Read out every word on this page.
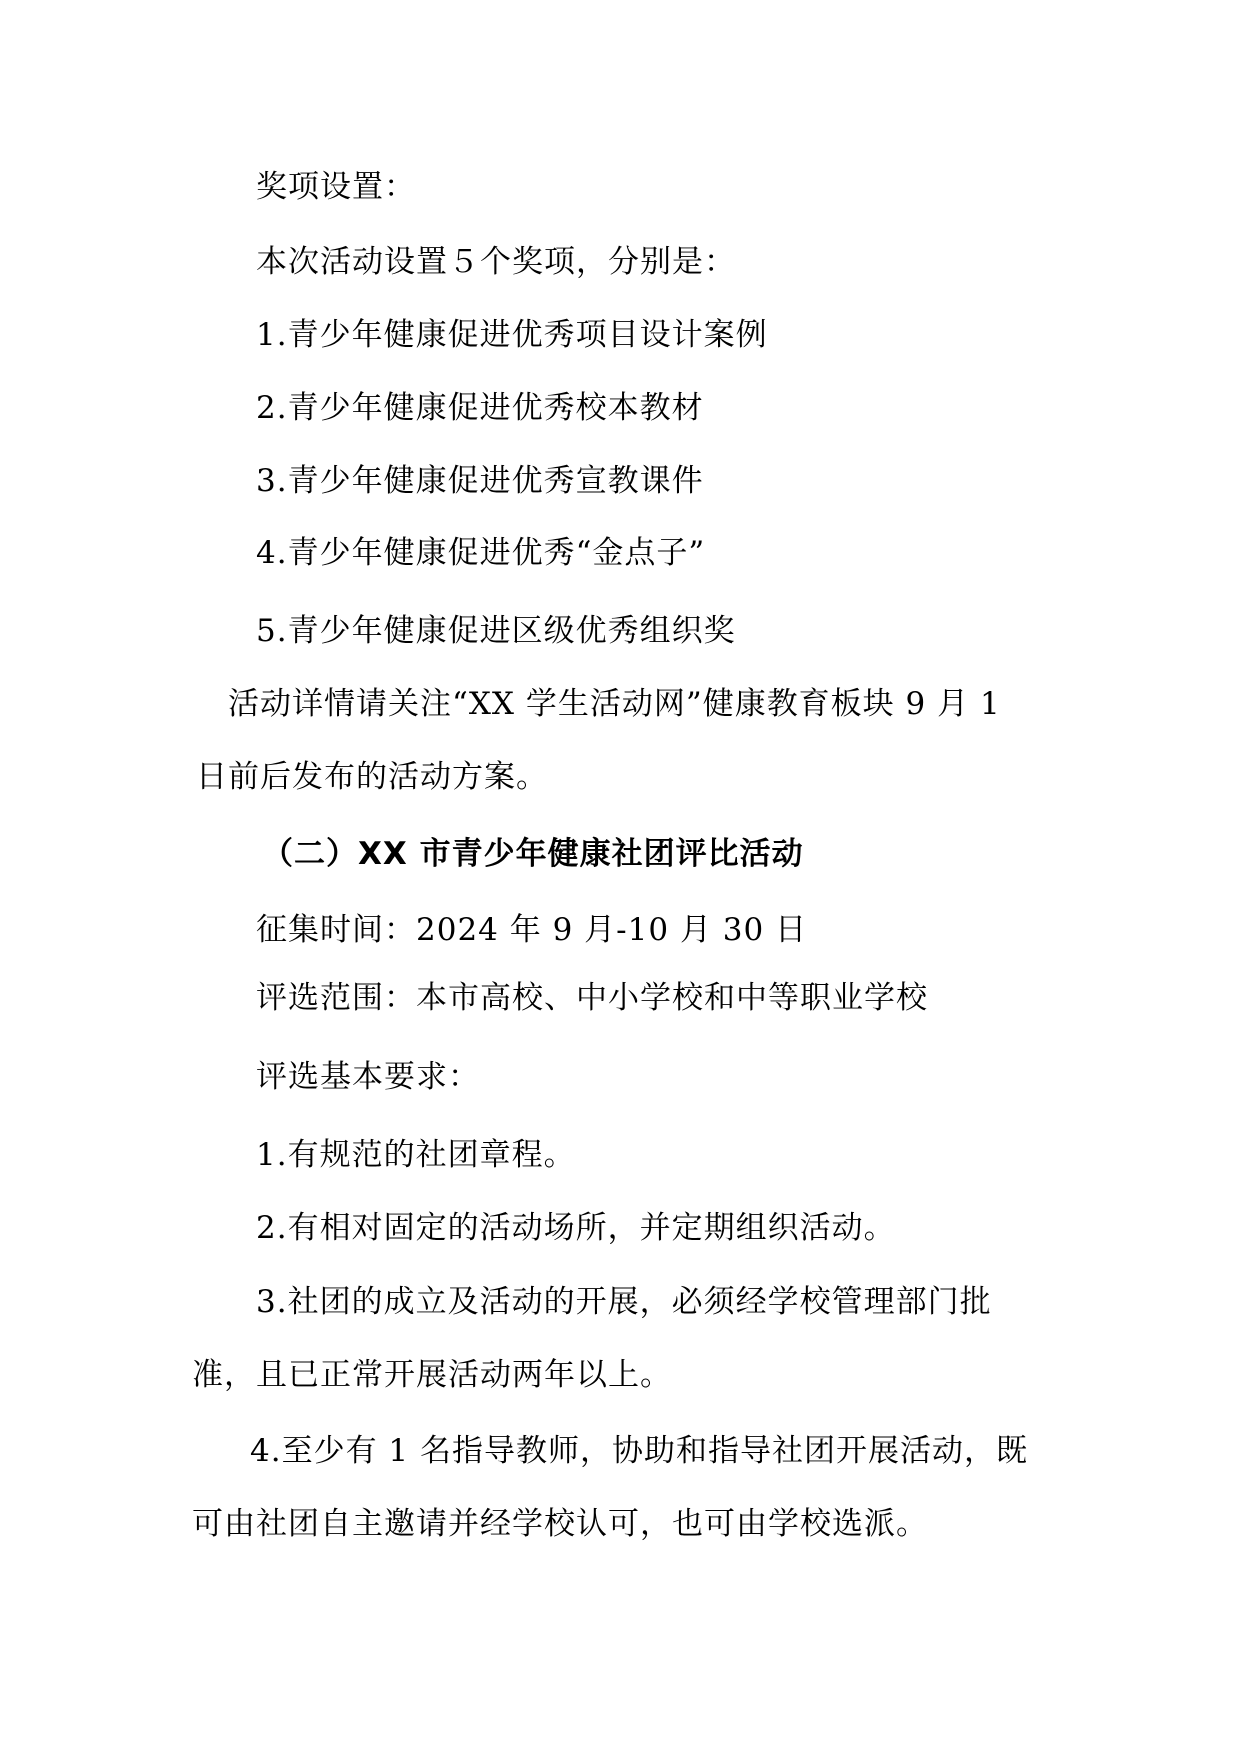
奖项设置：
本次活动设置５个奖项，分别是：
1.青少年健康促进优秀项目设计案例
2.青少年健康促进优秀校本教材
3.青少年健康促进优秀宣教课件
4.青少年健康促进优秀“金点子”
5.青少年健康促进区级优秀组织奖
活动详情请关注“XX 学生活动网”健康教育板块 9 月 1
日前后发布的活动方案。
（二）XX 市青少年健康社团评比活动
征集时间：2024 年 9 月-10 月 30 日
评选范围：本市高校、中小学校和中等职业学校
评选基本要求：
1.有规范的社团章程。
2.有相对固定的活动场所，并定期组织活动。
3.社团的成立及活动的开展，必须经学校管理部门批
准，且已正常开展活动两年以上。
4.至少有 1 名指导教师，协助和指导社团开展活动，既
可由社团自主邀请并经学校认可，也可由学校选派。
